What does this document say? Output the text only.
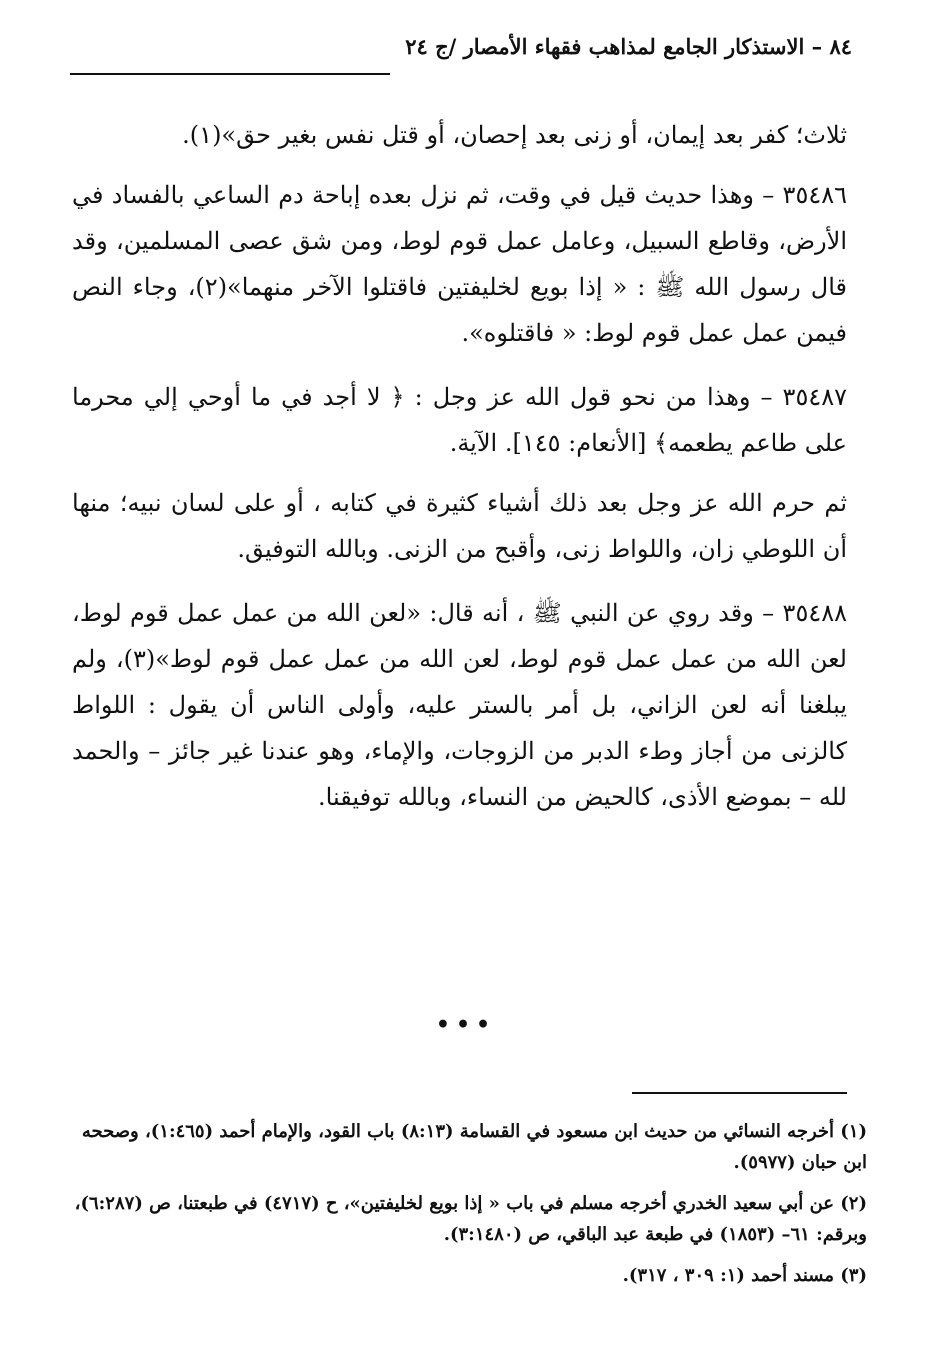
٨٤ – الاستذكار الجامع لمذاهب فقهاء الأمصار /ج ٢٤

ثلاث؛ كفر بعد إيمان، أو زنى بعد إحصان، أو قتل نفس بغير حق»(١).

٣٥٤٨٦ – وهذا حديث قيل في وقت، ثم نزل بعده إباحة دم الساعي بالفساد في الأرض، وقاطع السبيل، وعامل عمل قوم لوط، ومن شق عصى المسلمين، وقد قال رسول الله ﷺ : « إذا بويع لخليفتين فاقتلوا الآخر منهما»(٢)، وجاء النص فيمن عمل عمل قوم لوط: « فاقتلوه».

٣٥٤٨٧ – وهذا من نحو قول الله عز وجل : ﴿ لا أجد في ما أوحي إلي محرما على طاعم يطعمه﴾ [الأنعام: ١٤٥]. الآية.

ثم حرم الله عز وجل بعد ذلك أشياء كثيرة في كتابه ، أو على لسان نبيه؛ منها أن اللوطي زان، واللواط زنى، وأقبح من الزنى. وبالله التوفيق.

٣٥٤٨٨ – وقد روي عن النبي ﷺ ، أنه قال: «لعن الله من عمل عمل قوم لوط، لعن الله من عمل عمل قوم لوط، لعن الله من عمل عمل قوم لوط»(٣)، ولم يبلغنا أنه لعن الزاني، بل أمر بالستر عليه، وأولى الناس أن يقول : اللواط كالزنى من أجاز وطء الدبر من الزوجات، والإماء، وهو عندنا غير جائز – والحمد لله – بموضع الأذى، كالحيض من النساء، وبالله توفيقنا.

•••

(١) أخرجه النسائي من حديث ابن مسعود في القسامة (٨:١٣) باب القود، والإمام أحمد (١:٤٦٥)، وصححه ابن حبان (٥٩٧٧).

(٢) عن أبي سعيد الخدري أخرجه مسلم في باب « إذا بويع لخليفتين»، ح (٤٧١٧) في طبعتنا، ص (٦:٢٨٧)، وبرقم: ٦١– (١٨٥٣) في طبعة عبد الباقي، ص (٣:١٤٨٠).

(٣) مسند أحمد (١: ٣٠٩ ، ٣١٧).
